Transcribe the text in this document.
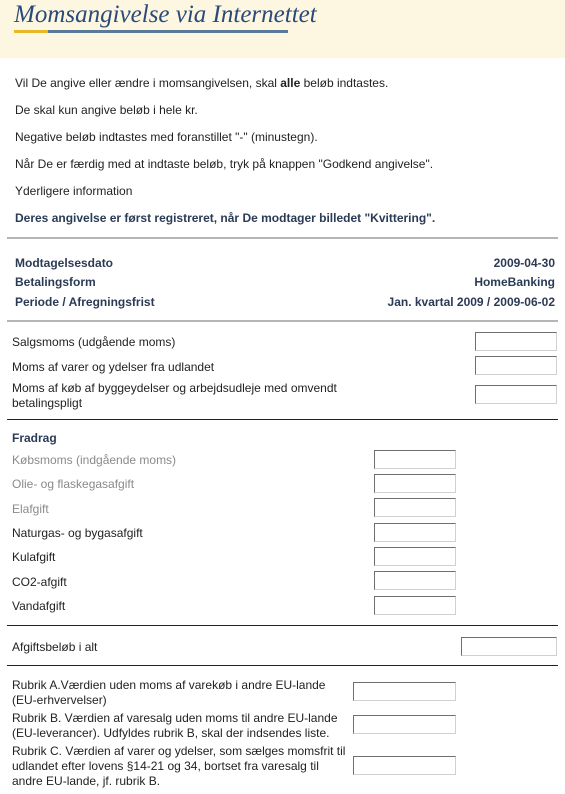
Momsangivelse via Internettet
Vil De angive eller ændre i momsangivelsen, skal alle beløb indtastes.
De skal kun angive beløb i hele kr.
Negative beløb indtastes med foranstillet "-" (minustegn).
Når De er færdig med at indtaste beløb, tryk på knappen "Godkend angivelse".
Yderligere information
Deres angivelse er først registreret, når De modtager billedet "Kvittering".
Modtagelsesdato	2009-04-30
Betalingsform	HomeBanking
Periode / Afregningsfrist	Jan. kvartal 2009 / 2009-06-02
Salgsmoms (udgående moms)
Moms af varer og ydelser fra udlandet
Moms af køb af byggeydelser og arbejdsudleje med omvendt betalingspligt
Fradrag
Købsmoms (indgående moms)
Olie- og flaskegasafgift
Elafgift
Naturgas- og bygasafgift
Kulafgift
CO2-afgift
Vandafgift
Afgiftsbeløb i alt
Rubrik A.Værdien uden moms af varekøb i andre EU-lande (EU-erhvervelser)
Rubrik B. Værdien af varesalg uden moms til andre EU-lande (EU-leverancer). Udfyldes rubrik B, skal der indsendes liste.
Rubrik C. Værdien af varer og ydelser, som sælges momsfrit til udlandet efter lovens §14-21 og 34, bortset fra varesalg til andre EU-lande, jf. rubrik B.
